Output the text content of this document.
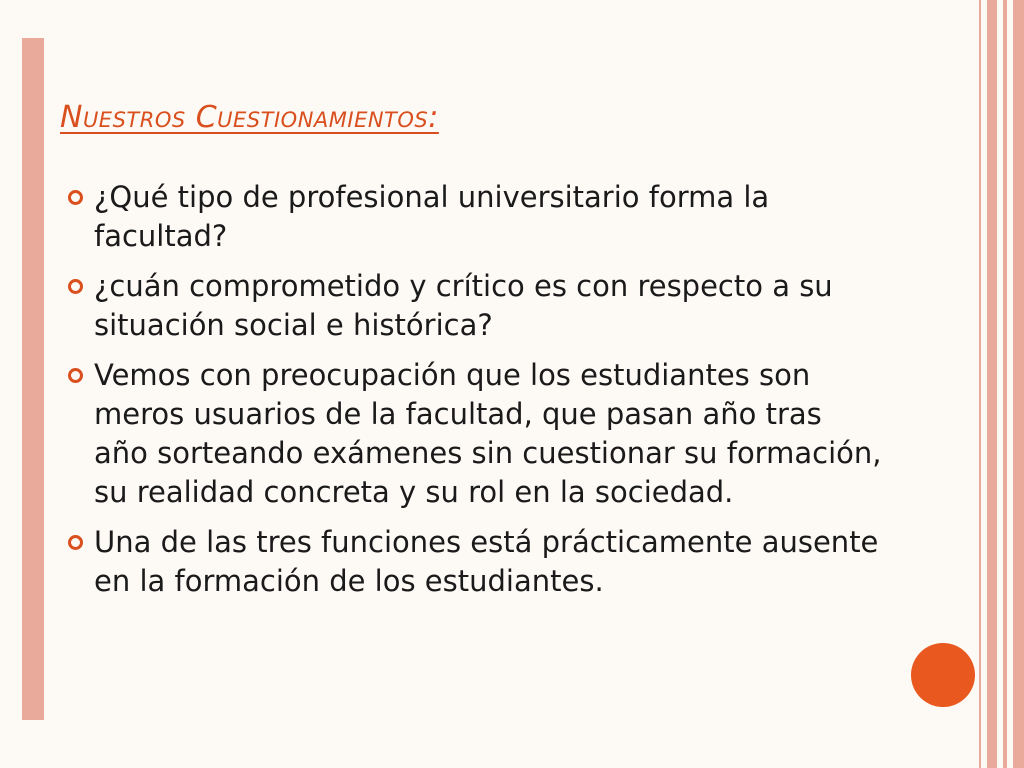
Nuestros Cuestionamientos:
¿Qué tipo de profesional universitario forma la facultad?
¿cuán comprometido y crítico es con respecto a su situación social e histórica?
Vemos con preocupación que los estudiantes son meros usuarios de la facultad, que pasan año tras año sorteando exámenes sin cuestionar su formación, su realidad concreta y su rol en la sociedad.
Una de las tres funciones está prácticamente ausente en la formación de los estudiantes.
